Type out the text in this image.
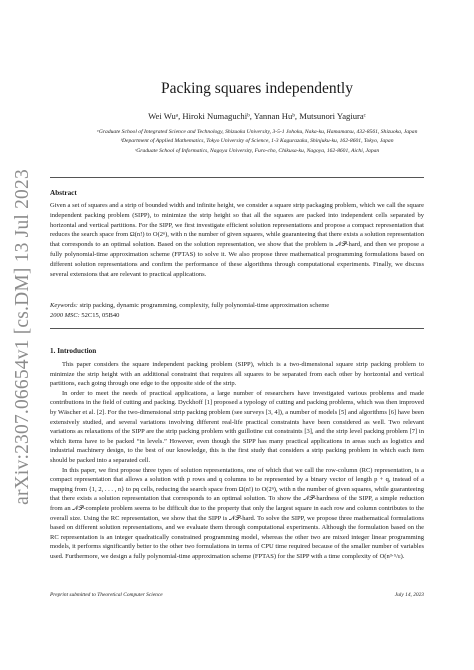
arXiv:2307.06654v1 [cs.DM] 13 Jul 2023
Packing squares independently
Wei Wuᵃ, Hiroki Numaguchiᵇ, Yannan Huᵇ, Mutsunori Yagiuraᶜ
ᵃGraduate School of Integrated Science and Technology, Shizuoka University, 3-5-1 Johoku, Naka-ku, Hamamatsu, 432-8561, Shizuoka, Japan
ᵇDepartment of Applied Mathematics, Tokyo University of Science, 1-3 Kagurazaka, Shinjuku-ku, 162-8601, Tokyo, Japan
ᶜGraduate School of Informatics, Nagoya University, Furo-cho, Chikusa-ku, Nagoya, 162-8601, Aichi, Japan
Abstract
Given a set of squares and a strip of bounded width and infinite height, we consider a square strip packaging problem, which we call the square independent packing problem (SIPP), to minimize the strip height so that all the squares are packed into independent cells separated by horizontal and vertical partitions. For the SIPP, we first investigate efficient solution representations and propose a compact representation that reduces the search space from Ω(n!) to O(2ⁿ), with n the number of given squares, while guaranteeing that there exists a solution representation that corresponds to an optimal solution. Based on the solution representation, we show that the problem is 𝒩𝒫-hard, and then we propose a fully polynomial-time approximation scheme (FPTAS) to solve it. We also propose three mathematical programming formulations based on different solution representations and confirm the performance of these algorithms through computational experiments. Finally, we discuss several extensions that are relevant to practical applications.
Keywords: strip packing, dynamic programming, complexity, fully polynomial-time approximation scheme
2000 MSC: 52C15, 05B40
1. Introduction

This paper considers the square independent packing problem (SIPP), which is a two-dimensional square strip packing problem to minimize the strip height with an additional constraint that requires all squares to be separated from each other by horizontal and vertical partitions, each going through one edge to the opposite side of the strip.

In order to meet the needs of practical applications, a large number of researchers have investigated various problems and made contributions in the field of cutting and packing. Dyckhoff [1] proposed a typology of cutting and packing problems, which was then improved by Wäscher et al. [2]. For the two-dimensional strip packing problem (see surveys [3, 4]), a number of models [5] and algorithms [6] have been extensively studied, and several variations involving different real-life practical constraints have been considered as well. Two relevant variations as relaxations of the SIPP are the strip packing problem with guillotine cut constraints [3], and the strip level packing problem [7] in which items have to be packed “in levels.” However, even though the SIPP has many practical applications in areas such as logistics and industrial machinery design, to the best of our knowledge, this is the first study that considers a strip packing problem in which each item should be packed into a separated cell.

In this paper, we first propose three types of solution representations, one of which that we call the row-column (RC) representation, is a compact representation that allows a solution with p rows and q columns to be represented by a binary vector of length p + q, instead of a mapping from {1, 2, . . . , n} to pq cells, reducing the search space from Ω(n!) to O(2ⁿ), with n the number of given squares, while guaranteeing that there exists a solution representation that corresponds to an optimal solution. To show the 𝒩𝒫-hardness of the SIPP, a simple reduction from an 𝒩𝒫-complete problem seems to be difficult due to the property that only the largest square in each row and column contributes to the overall size. Using the RC representation, we show that the SIPP is 𝒩𝒫-hard. To solve the SIPP, we propose three mathematical formulations based on different solution representations, and we evaluate them through computational experiments. Although the formulation based on the RC representation is an integer quadratically constrained programming model, whereas the other two are mixed integer linear programming models, it performs significantly better to the other two formulations in terms of CPU time required because of the smaller number of variables used. Furthermore, we design a fully polynomial-time approximation scheme (FPTAS) for the SIPP with a time complexity of O(n³⋅⁵/ε).

Preprint submitted to Theoretical Computer Science	July 14, 2023
